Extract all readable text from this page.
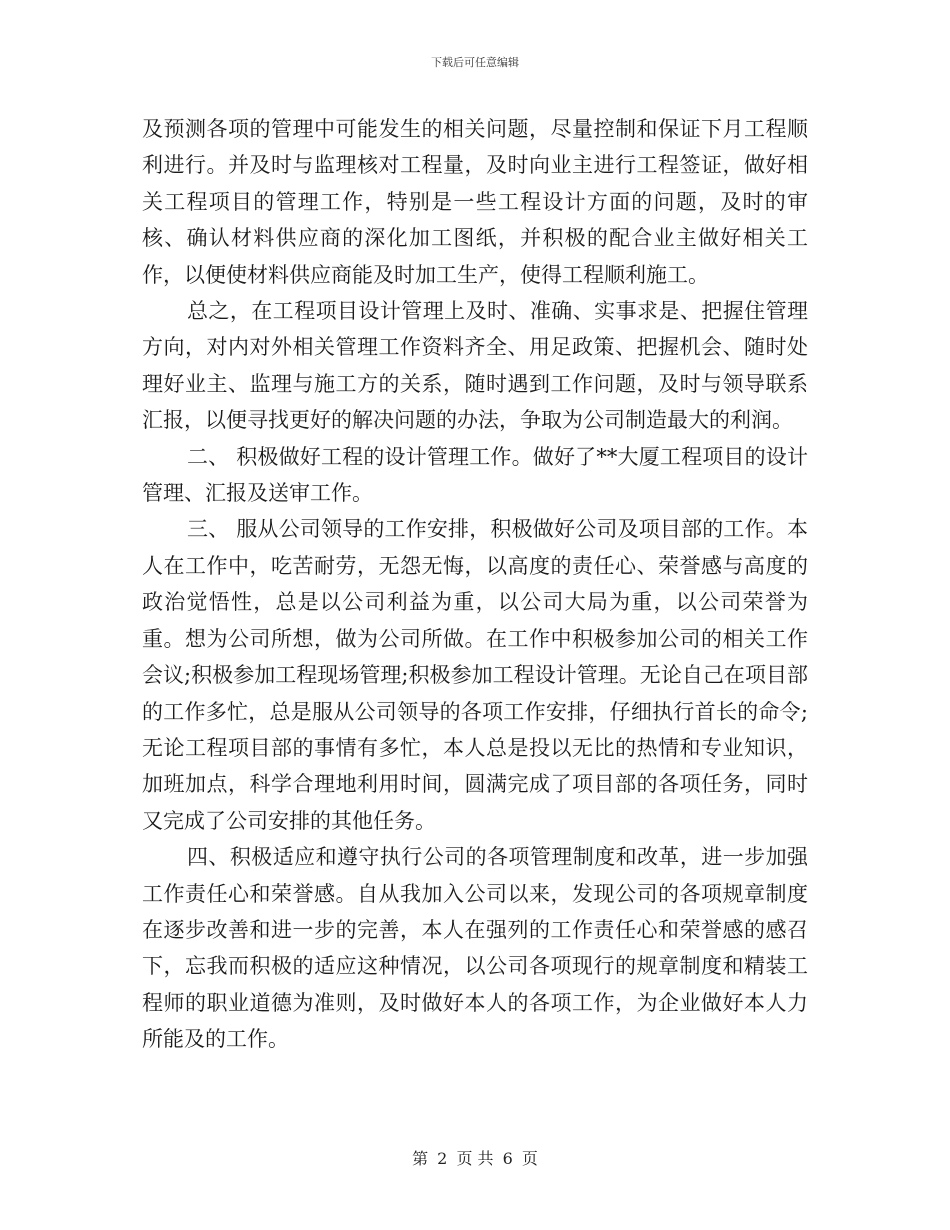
下载后可任意编辑

及预测各项的管理中可能发生的相关问题，尽量控制和保证下月工程顺利进行。并及时与监理核对工程量，及时向业主进行工程签证，做好相关工程项目的管理工作，特别是一些工程设计方面的问题，及时的审核、确认材料供应商的深化加工图纸，并积极的配合业主做好相关工作，以便使材料供应商能及时加工生产，使得工程顺利施工。

总之，在工程项目设计管理上及时、准确、实事求是、把握住管理方向，对内对外相关管理工作资料齐全、用足政策、把握机会、随时处理好业主、监理与施工方的关系，随时遇到工作问题，及时与领导联系汇报，以便寻找更好的解决问题的办法，争取为公司制造最大的利润。

二、 积极做好工程的设计管理工作。做好了**大厦工程项目的设计管理、汇报及送审工作。

三、 服从公司领导的工作安排，积极做好公司及项目部的工作。本人在工作中，吃苦耐劳，无怨无悔，以高度的责任心、荣誉感与高度的政治觉悟性，总是以公司利益为重，以公司大局为重，以公司荣誉为重。想为公司所想，做为公司所做。在工作中积极参加公司的相关工作会议;积极参加工程现场管理;积极参加工程设计管理。无论自己在项目部的工作多忙，总是服从公司领导的各项工作安排，仔细执行首长的命令;无论工程项目部的事情有多忙，本人总是投以无比的热情和专业知识，加班加点，科学合理地利用时间，圆满完成了项目部的各项任务，同时又完成了公司安排的其他任务。

四、积极适应和遵守执行公司的各项管理制度和改革，进一步加强工作责任心和荣誉感。自从我加入公司以来，发现公司的各项规章制度在逐步改善和进一步的完善，本人在强列的工作责任心和荣誉感的感召下，忘我而积极的适应这种情况，以公司各项现行的规章制度和精装工程师的职业道德为准则，及时做好本人的各项工作，为企业做好本人力所能及的工作。

第 2 页 共 6 页
